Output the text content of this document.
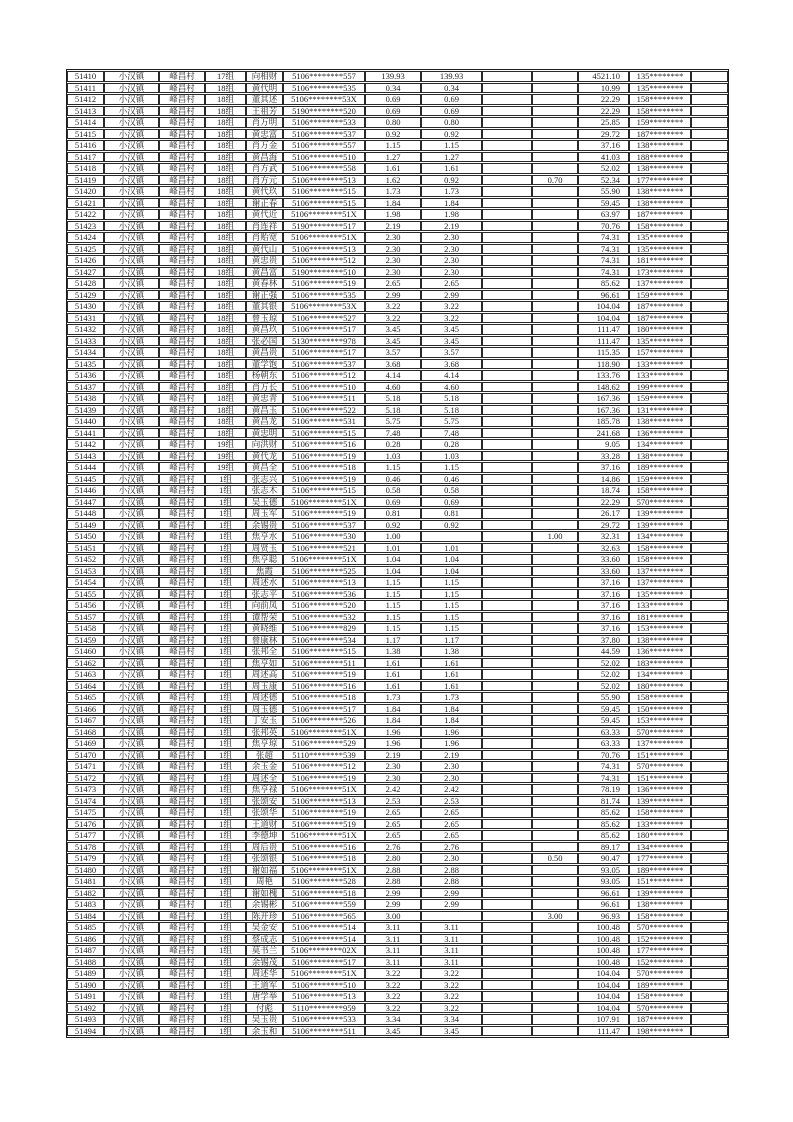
51410	小汉镇	峰昌村	17组	向相财	5106********557	139.93	139.93			4521.10	135********	
51411	小汉镇	峰昌村	18组	黄代明	5106********535	0.34	0.34			10.99	135********	
51412	小汉镇	峰昌村	18组	董其述	5106********53X	0.69	0.69			22.29	158********	
51413	小汉镇	峰昌村	18组	王祖芳	5190********520	0.69	0.69			22.29	158********	
51414	小汉镇	峰昌村	18组	肖万明	5106********533	0.80	0.80			25.85	159********	
51415	小汉镇	峰昌村	18组	黄忠富	5106********537	0.92	0.92			29.72	187********	
51416	小汉镇	峰昌村	18组	肖万金	5106********557	1.15	1.15			37.16	138********	
51417	小汉镇	峰昌村	18组	黄昌海	5106********510	1.27	1.27			41.03	188********	
51418	小汉镇	峰昌村	18组	肖方武	5106********558	1.61	1.61			52.02	138********	
51419	小汉镇	峰昌村	18组	肖方元	5106********513	1.62	0.92		0.70	52.34	177********	
51420	小汉镇	峰昌村	18组	黄代玖	5106********515	1.73	1.73			55.90	138********	
51421	小汉镇	峰昌村	18组	谢正春	5106********515	1.84	1.84			59.45	138********	
51422	小汉镇	峰昌村	18组	黄代近	5106********51X	1.98	1.98			63.97	187********	
51423	小汉镇	峰昌村	18组	肖连祥	5190********517	2.19	2.19			70.76	158********	
51424	小汉镇	峰昌村	18组	肖贻宽	5106********51X	2.30	2.30			74.31	135********	
51425	小汉镇	峰昌村	18组	黄代山	5106********513	2.30	2.30			74.31	135********	
51426	小汉镇	峰昌村	18组	黄忠贵	5106********512	2.30	2.30			74.31	181********	
51427	小汉镇	峰昌村	18组	黄昌富	5190********510	2.30	2.30			74.31	173********	
51428	小汉镇	峰昌村	18组	黄春林	5106********519	2.65	2.65			85.62	137********	
51429	小汉镇	峰昌村	18组	谢正强	5106********535	2.99	2.99			96.61	159********	
51430	小汉镇	峰昌村	18组	董其银	5106********53X	3.22	3.22			104.04	187********	
51431	小汉镇	峰昌村	18组	曾玉琼	5106********527	3.22	3.22			104.04	187********	
51432	小汉镇	峰昌村	18组	黄昌玖	5106********517	3.45	3.45			111.47	180********	
51433	小汉镇	峰昌村	18组	张必国	5130********978	3.45	3.45			111.47	135********	
51434	小汉镇	峰昌村	18组	黄昌贵	5106********517	3.57	3.57			115.35	157********	
51435	小汉镇	峰昌村	18组	董学饱	5106********537	3.68	3.68			118.90	133********	
51436	小汉镇	峰昌村	18组	杨朝东	5106********512	4.14	4.14			133.76	133********	
51437	小汉镇	峰昌村	18组	肖万长	5106********510	4.60	4.60			148.62	199********	
51438	小汉镇	峰昌村	18组	黄忠青	5106********511	5.18	5.18			167.36	159********	
51439	小汉镇	峰昌村	18组	黄昌玉	5106********522	5.18	5.18			167.36	131********	
51440	小汉镇	峰昌村	18组	黄昌龙	5106********531	5.75	5.75			185.78	138********	
51441	小汉镇	峰昌村	18组	黄忠明	5106********515	7.48	7.48			241.68	136********	
51442	小汉镇	峰昌村	19组	向洪财	5106********516	0.28	0.28			9.05	134********	
51443	小汉镇	峰昌村	19组	黄代龙	5106********519	1.03	1.03			33.28	138********	
51444	小汉镇	峰昌村	19组	黄昌全	5106********518	1.15	1.15			37.16	189********	
51445	小汉镇	峰昌村	1组	张志兴	5106********519	0.46	0.46			14.86	159********	
51446	小汉镇	峰昌村	1组	张志木	5106********515	0.58	0.58			18.74	158********	
51447	小汉镇	峰昌村	1组	吴玉德	5106********51X	0.69	0.69			22.29	570********	
51448	小汉镇	峰昌村	1组	周玉军	5106********519	0.81	0.81			26.17	139********	
51449	小汉镇	峰昌村	1组	余锡贵	5106********537	0.92	0.92			29.72	139********	
51450	小汉镇	峰昌村	1组	焦亨水	5106********530	1.00			1.00	32.31	134********	
51451	小汉镇	峰昌村	1组	周贤玉	5106********521	1.01	1.01			32.63	158********	
51452	小汉镇	峰昌村	1组	焦亨聪	5106********51X	1.04	1.04			33.60	158********	
51453	小汉镇	峰昌村	1组	焦霞	5106********525	1.04	1.04			33.60	137********	
51454	小汉镇	峰昌村	1组	周述水	5106********513	1.15	1.15			37.16	137********	
51455	小汉镇	峰昌村	1组	张志平	5106********536	1.15	1.15			37.16	135********	
51456	小汉镇	峰昌村	1组	向前凤	5106********520	1.15	1.15			37.16	133********	
51457	小汉镇	峰昌村	1组	谭帮荣	5106********532	1.15	1.15			37.16	181********	
51458	小汉镇	峰昌村	1组	黄晓维	5106********829	1.15	1.15			37.16	153********	
51459	小汉镇	峰昌村	1组	曾康林	5106********534	1.17	1.17			37.80	138********	
51460	小汉镇	峰昌村	1组	张邦全	5106********515	1.38	1.38			44.59	136********	
51462	小汉镇	峰昌村	1组	焦亨如	5106********511	1.61	1.61			52.02	183********	
51463	小汉镇	峰昌村	1组	周述高	5106********519	1.61	1.61			52.02	134********	
51464	小汉镇	峰昌村	1组	周玉康	5106********516	1.61	1.61			52.02	180********	
51465	小汉镇	峰昌村	1组	周述德	5106********518	1.73	1.73			55.90	158********	
51466	小汉镇	峰昌村	1组	周玉德	5106********517	1.84	1.84			59.45	150********	
51467	小汉镇	峰昌村	1组	丁安玉	5106********526	1.84	1.84			59.45	153********	
51468	小汉镇	峰昌村	1组	张邦英	5106********51X	1.96	1.96			63.33	570********	
51469	小汉镇	峰昌村	1组	焦亨琼	5106********529	1.96	1.96			63.33	137********	
51470	小汉镇	峰昌村	1组	张超	5110********539	2.19	2.19			70.76	151********	
51471	小汉镇	峰昌村	1组	余玉金	5106********512	2.30	2.30			74.31	570********	
51472	小汉镇	峰昌村	1组	周述全	5106********519	2.30	2.30			74.31	151********	
51473	小汉镇	峰昌村	1组	焦亨禄	5106********51X	2.42	2.42			78.19	136********	
51474	小汉镇	峰昌村	1组	张颂安	5106********513	2.53	2.53			81.74	139********	
51475	小汉镇	峰昌村	1组	张颂华	5106********519	2.65	2.65			85.62	158********	
51476	小汉镇	峰昌村	1组	王道财	5106********519	2.65	2.65			85.62	133********	
51477	小汉镇	峰昌村	1组	李德坤	5106********51X	2.65	2.65			85.62	180********	
51478	小汉镇	峰昌村	1组	周后贵	5106********516	2.76	2.76			89.17	134********	
51479	小汉镇	峰昌村	1组	张颂银	5106********518	2.80	2.30		0.50	90.47	177********	
51480	小汉镇	峰昌村	1组	谢如福	5106********51X	2.88	2.88			93.05	189********	
51481	小汉镇	峰昌村	1组	周艳	5106********528	2.88	2.88			93.05	151********	
51482	小汉镇	峰昌村	1组	谢如槐	5106********518	2.99	2.99			96.61	139********	
51483	小汉镇	峰昌村	1组	余锡彬	5106********559	2.99	2.99			96.61	138********	
51484	小汉镇	峰昌村	1组	陈开珍	5106********565	3.00			3.00	96.93	158********	
51485	小汉镇	峰昌村	1组	吴金安	5106********514	3.11	3.11			100.48	570********	
51486	小汉镇	峰昌村	1组	蔡成志	5106********514	3.11	3.11			100.48	152********	
51487	小汉镇	峰昌村	1组	莫书兰	5106********02X	3.11	3.11			100.48	177********	
51488	小汉镇	峰昌村	1组	余锡茂	5106********517	3.11	3.11			100.48	152********	
51489	小汉镇	峰昌村	1组	周述华	5106********51X	3.22	3.22			104.04	570********	
51490	小汉镇	峰昌村	1组	王道军	5106********510	3.22	3.22			104.04	189********	
51491	小汉镇	峰昌村	1组	唐学举	5106********513	3.22	3.22			104.04	158********	
51492	小汉镇	峰昌村	1组	付彪	5110********959	3.22	3.22			104.04	570********	
51493	小汉镇	峰昌村	1组	吴玉贵	5106********533	3.34	3.34			107.91	187********	
51494	小汉镇	峰昌村	1组	余玉和	5106********511	3.45	3.45			111.47	198********	
